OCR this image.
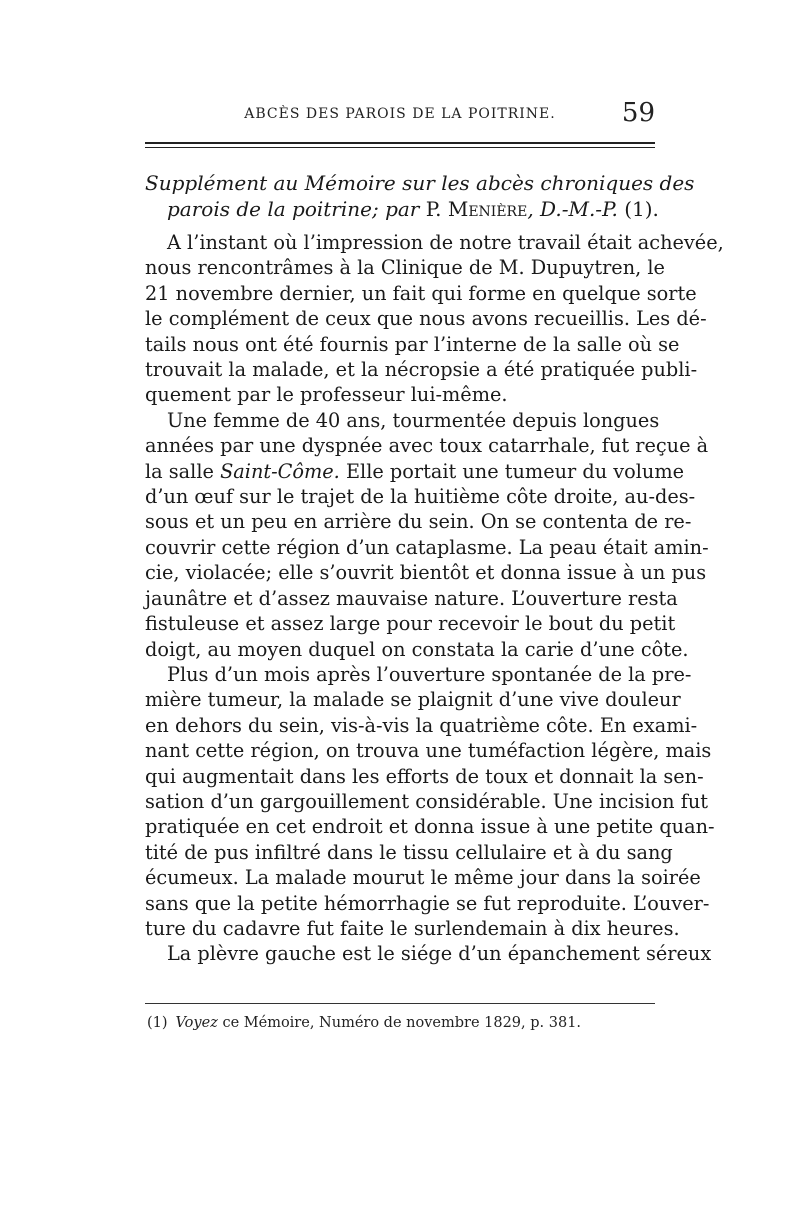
ABCÈS DES PAROIS DE LA POITRINE.	59
Supplément au Mémoire sur les abcès chroniques des
parois de la poitrine; par P. Menière, D.-M.-P. (1).
A l’instant où l’impression de notre travail était achevée,
nous rencontrâmes à la Clinique de M. Dupuytren, le
21 novembre dernier, un fait qui forme en quelque sorte
le complément de ceux que nous avons recueillis. Les dé-
tails nous ont été fournis par l’interne de la salle où se
trouvait la malade, et la nécropsie a été pratiquée publi-
quement par le professeur lui-même.
Une femme de 40 ans, tourmentée depuis longues
années par une dyspnée avec toux catarrhale, fut reçue à
la salle Saint-Côme. Elle portait une tumeur du volume
d’un œuf sur le trajet de la huitième côte droite, au-des-
sous et un peu en arrière du sein. On se contenta de re-
couvrir cette région d’un cataplasme. La peau était amin-
cie, violacée; elle s’ouvrit bientôt et donna issue à un pus
jaunâtre et d’assez mauvaise nature. L’ouverture resta
fistuleuse et assez large pour recevoir le bout du petit
doigt, au moyen duquel on constata la carie d’une côte.
Plus d’un mois après l’ouverture spontanée de la pre-
mière tumeur, la malade se plaignit d’une vive douleur
en dehors du sein, vis-à-vis la quatrième côte. En exami-
nant cette région, on trouva une tuméfaction légère, mais
qui augmentait dans les efforts de toux et donnait la sen-
sation d’un gargouillement considérable. Une incision fut
pratiquée en cet endroit et donna issue à une petite quan-
tité de pus infiltré dans le tissu cellulaire et à du sang
écumeux. La malade mourut le même jour dans la soirée
sans que la petite hémorrhagie se fut reproduite. L’ouver-
ture du cadavre fut faite le surlendemain à dix heures.
La plèvre gauche est le siége d’un épanchement séreux
(1) Voyez ce Mémoire, Numéro de novembre 1829, p. 381.
